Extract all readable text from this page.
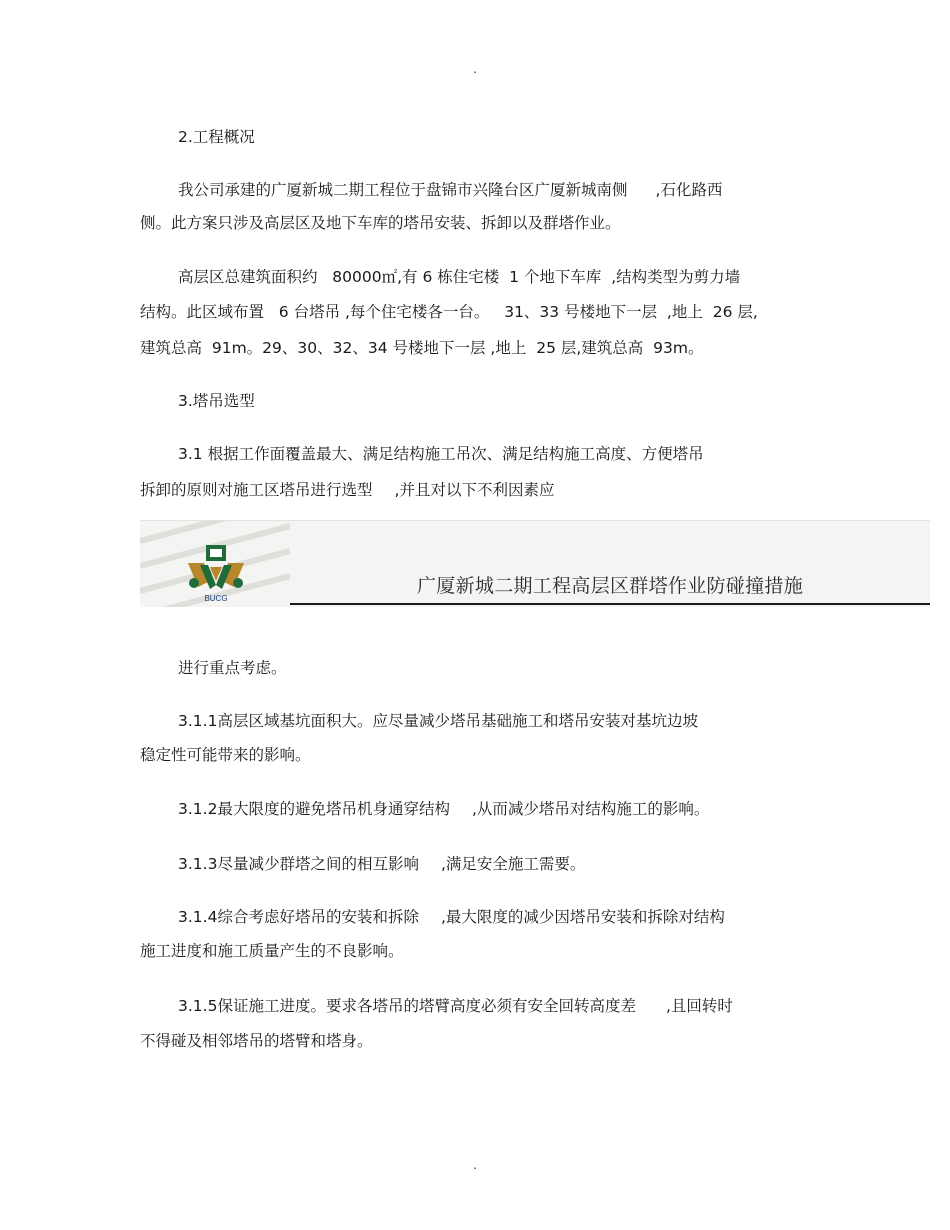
.
2.工程概况
我公司承建的广厦新城二期工程位于盘锦市兴隆台区广厦新城南侧 ,石化路西
侧。此方案只涉及高层区及地下车库的塔吊安装、拆卸以及群塔作业。
高层区总建筑面积约   80000㎡,有 6 栋住宅楼  1 个地下车库  ,结构类型为剪力墙
结构。此区域布置   6 台塔吊 ,每个住宅楼各一台。   31、33 号楼地下一层  ,地上  26 层,
建筑总高  91m。29、30、32、34 号楼地下一层 ,地上  25 层,建筑总高  93m。
3.塔吊选型
3.1 根据工作面覆盖最大、满足结构施工吊次、满足结构施工高度、方便塔吊
拆卸的原则对施工区塔吊进行选型 ,并且对以下不利因素应
BUCG
广厦新城二期工程高层区群塔作业防碰撞措施
进行重点考虑。
3.1.1高层区域基坑面积大。应尽量减少塔吊基础施工和塔吊安装对基坑边坡
稳定性可能带来的影响。
3.1.2最大限度的避免塔吊机身通穿结构 ,从而减少塔吊对结构施工的影响。
3.1.3尽量减少群塔之间的相互影响 ,满足安全施工需要。
3.1.4综合考虑好塔吊的安装和拆除 ,最大限度的减少因塔吊安装和拆除对结构
施工进度和施工质量产生的不良影响。
3.1.5保证施工进度。要求各塔吊的塔臂高度必须有安全回转高度差 ,且回转时
不得碰及相邻塔吊的塔臂和塔身。
.
